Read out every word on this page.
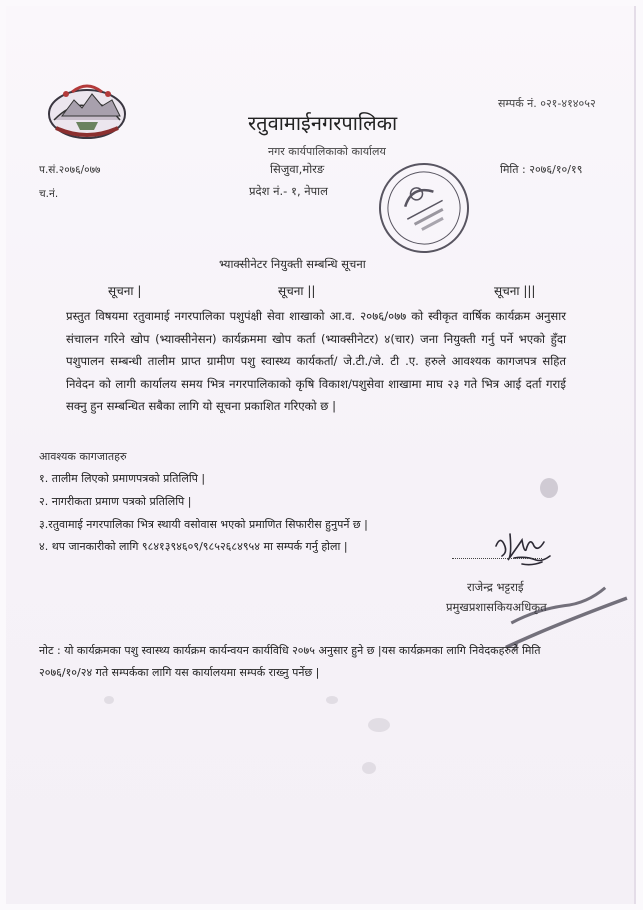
रतुवामाईनगरपालिका
नगर कार्यपालिकाको कार्यालय
सिजुवा,मोरङ
प्रदेश नं.- १, नेपाल
सम्पर्क नं. ०२१-४१४०५२
मिति : २०७६/१०/१९
प.सं.२०७६/०७७
च.नं.
भ्याक्सीनेटर नियुक्ती सम्बन्धि सूचना
सूचना |	सूचना ||	सूचना |||
प्रस्तुत विषयमा रतुवामाई नगरपालिका पशुपंक्षी सेवा शाखाको आ.व. २०७६/०७७ को स्वीकृत वार्षिक कार्यक्रम अनुसार संचालन गरिने खोप (भ्याक्सीनेसन) कार्यक्रममा खोप कर्ता (भ्याक्सीनेटर) ४(चार) जना नियुक्ती गर्नु पर्ने भएको हुँदा पशुपालन सम्बन्धी तालीम प्राप्त ग्रामीण पशु स्वास्थ्य कार्यकर्ता/ जे.टी./जे. टी .ए. हरुले आवश्यक कागजपत्र सहित निवेदन को लागी कार्यालय समय भित्र नगरपालिकाको कृषि विकाश/पशुसेवा शाखामा माघ २३ गते भित्र आई दर्ता गराई सक्नु हुन सम्बन्धित सबैका लागि यो सूचना प्रकाशित गरिएको छ |
आवश्यक कागजातहरु
१. तालीम लिएको प्रमाणपत्रको प्रतिलिपि |
२. नागरीकता प्रमाण पत्रको प्रतिलिपि |
३.रतुवामाई नगरपालिका भित्र स्थायी वसोवास भएको प्रमाणित सिफारीस हुनुपर्ने छ |
४. थप जानकारीको लागि ९८४१३९४६०९/९८५२६८४९५४ मा सम्पर्क गर्नु होला |
राजेन्द्र भट्टराई
प्रमुखप्रशासकियअधिकृत
नोट : यो कार्यक्रमका पशु स्वास्थ्य कार्यक्रम कार्यन्वयन कार्यविधि २०७५ अनुसार हुने छ |यस कार्यक्रमका लागि निवेदकहरुले मिति २०७६/१०/२४ गते सम्पर्कका लागि यस कार्यालयमा सम्पर्क राख्नु पर्नेछ |
